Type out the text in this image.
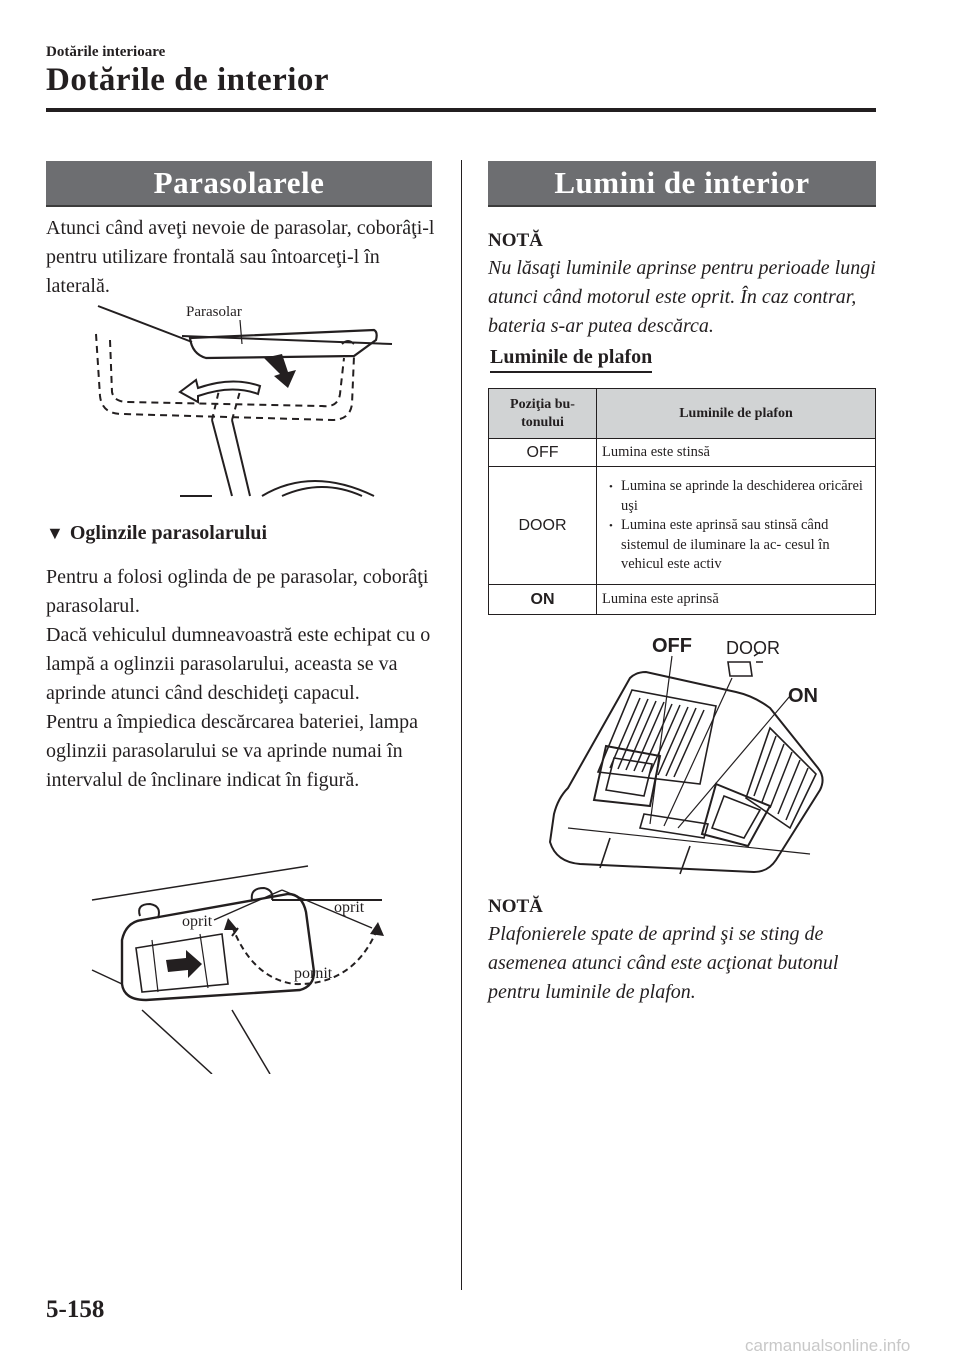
Dotările interioare
Dotările de interior
Parasolarele
Atunci când aveţi nevoie de parasolar, coborâţi-l pentru utilizare frontală sau întoarceţi-l în laterală.
Parasolar
▼ Oglinzile parasolarului
Pentru a folosi oglinda de pe parasolar, coborâţi parasolarul.
Dacă vehiculul dumneavoastră este echipat cu o lampă a oglinzii parasolarului, aceasta se va aprinde atunci când deschideţi capacul.
Pentru a împiedica descărcarea bateriei, lampa oglinzii parasolarului se va aprinde numai în intervalul de înclinare indicat în figură.
oprit
oprit
pornit
Lumini de interior
NOTĂ
Nu lăsaţi luminile aprinse pentru perioade lungi atunci când motorul este oprit. În caz contrar, bateria s-ar putea descărca.
Luminile de plafon
Poziţia bu-
tonului	Luminile de plafon
OFF	Lumina este stinsă
DOOR	• Lumina se aprinde la deschiderea oricărei uşi
• Lumina este aprinsă sau stinsă când sistemul de iluminare la ac- cesul în vehicul este activ

ON	Lumina este aprinsă
OFF DOOR
ON
NOTĂ
Plafonierele spate de aprind şi se sting de asemenea atunci când este acţionat butonul pentru luminile de plafon.
5-158
carmanualsonline.info
